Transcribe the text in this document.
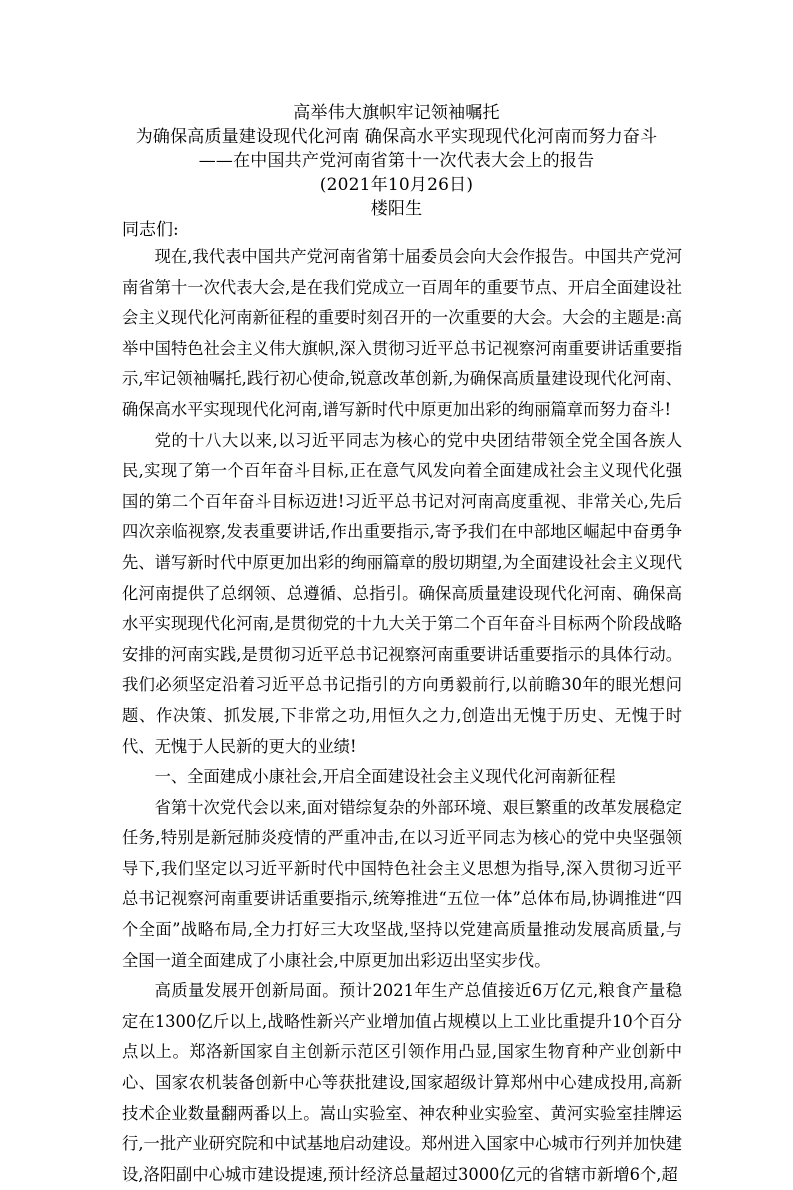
高举伟大旗帜牢记领袖嘱托
为确保高质量建设现代化河南 确保高水平实现现代化河南而努力奋斗
——在中国共产党河南省第十一次代表大会上的报告
(2021年10月26日)
楼阳生
同志们:

现在,我代表中国共产党河南省第十届委员会向大会作报告。中国共产党河南省第十一次代表大会,是在我们党成立一百周年的重要节点、开启全面建设社会主义现代化河南新征程的重要时刻召开的一次重要的大会。大会的主题是:高举中国特色社会主义伟大旗帜,深入贯彻习近平总书记视察河南重要讲话重要指示,牢记领袖嘱托,践行初心使命,锐意改革创新,为确保高质量建设现代化河南、确保高水平实现现代化河南,谱写新时代中原更加出彩的绚丽篇章而努力奋斗!

党的十八大以来,以习近平同志为核心的党中央团结带领全党全国各族人民,实现了第一个百年奋斗目标,正在意气风发向着全面建成社会主义现代化强国的第二个百年奋斗目标迈进!习近平总书记对河南高度重视、非常关心,先后四次亲临视察,发表重要讲话,作出重要指示,寄予我们在中部地区崛起中奋勇争先、谱写新时代中原更加出彩的绚丽篇章的殷切期望,为全面建设社会主义现代化河南提供了总纲领、总遵循、总指引。确保高质量建设现代化河南、确保高水平实现现代化河南,是贯彻党的十九大关于第二个百年奋斗目标两个阶段战略安排的河南实践,是贯彻习近平总书记视察河南重要讲话重要指示的具体行动。我们必须坚定沿着习近平总书记指引的方向勇毅前行,以前瞻30年的眼光想问题、作决策、抓发展,下非常之功,用恒久之力,创造出无愧于历史、无愧于时代、无愧于人民新的更大的业绩!

一、全面建成小康社会,开启全面建设社会主义现代化河南新征程

省第十次党代会以来,面对错综复杂的外部环境、艰巨繁重的改革发展稳定任务,特别是新冠肺炎疫情的严重冲击,在以习近平同志为核心的党中央坚强领导下,我们坚定以习近平新时代中国特色社会主义思想为指导,深入贯彻习近平总书记视察河南重要讲话重要指示,统筹推进“五位一体”总体布局,协调推进“四个全面”战略布局,全力打好三大攻坚战,坚持以党建高质量推动发展高质量,与全国一道全面建成了小康社会,中原更加出彩迈出坚实步伐。

高质量发展开创新局面。预计2021年生产总值接近6万亿元,粮食产量稳定在1300亿斤以上,战略性新兴产业增加值占规模以上工业比重提升10个百分点以上。郑洛新国家自主创新示范区引领作用凸显,国家生物育种产业创新中心、国家农机装备创新中心等获批建设,国家超级计算郑州中心建成投用,高新技术企业数量翻两番以上。嵩山实验室、神农种业实验室、黄河实验室挂牌运行,一批产业研究院和中试基地启动建设。郑州进入国家中心城市行列并加快建设,洛阳副中心城市建设提速,预计经济总量超过3000亿元的省辖市新增6个,超
